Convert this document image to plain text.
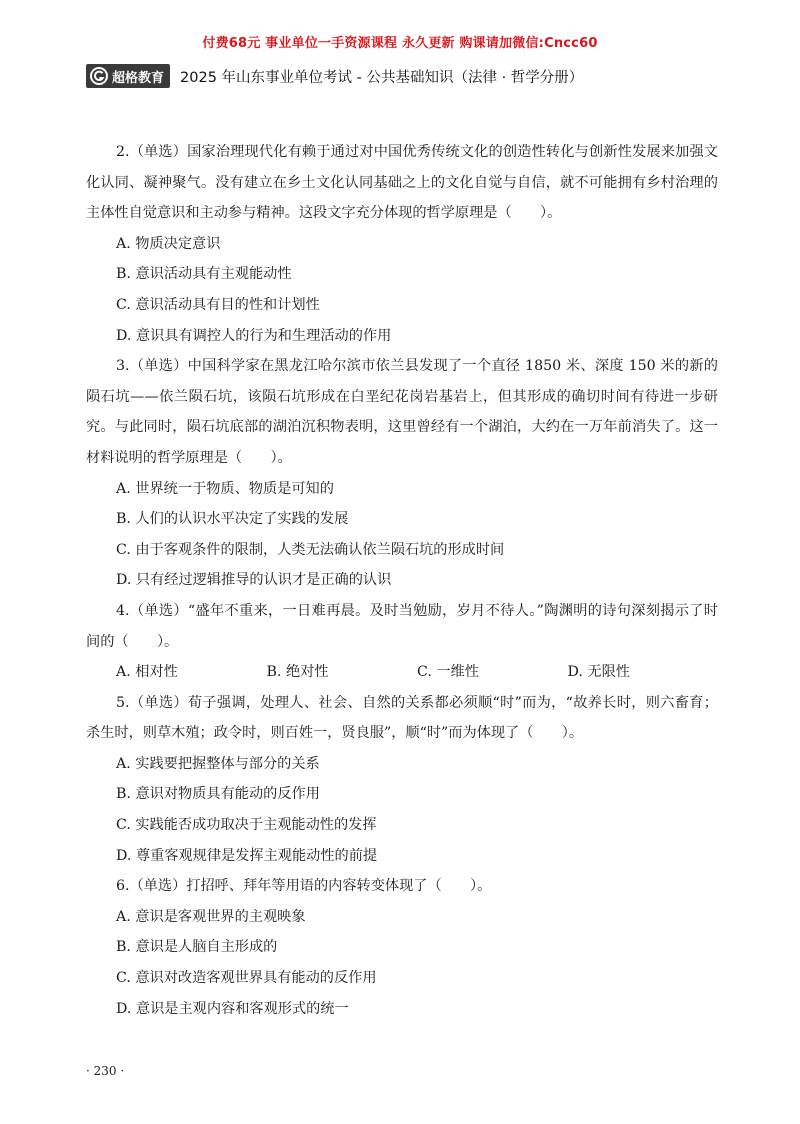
付费68元 事业单位一手资源课程 永久更新 购课请加微信:Cncc60
超格教育 2025 年山东事业单位考试 - 公共基础知识（法律 · 哲学分册）

2.（单选）国家治理现代化有赖于通过对中国优秀传统文化的创造性转化与创新性发展来加强文化认同、凝神聚气。没有建立在乡土文化认同基础之上的文化自觉与自信，就不可能拥有乡村治理的主体性自觉意识和主动参与精神。这段文字充分体现的哲学原理是（　　）。

A. 物质决定意识

B. 意识活动具有主观能动性

C. 意识活动具有目的性和计划性

D. 意识具有调控人的行为和生理活动的作用

3.（单选）中国科学家在黑龙江哈尔滨市依兰县发现了一个直径 1850 米、深度 150 米的新的陨石坑——依兰陨石坑，该陨石坑形成在白垩纪花岗岩基岩上，但其形成的确切时间有待进一步研究。与此同时，陨石坑底部的湖泊沉积物表明，这里曾经有一个湖泊，大约在一万年前消失了。这一材料说明的哲学原理是（　　）。

A. 世界统一于物质、物质是可知的

B. 人们的认识水平决定了实践的发展

C. 由于客观条件的限制，人类无法确认依兰陨石坑的形成时间

D. 只有经过逻辑推导的认识才是正确的认识

4.（单选）“盛年不重来，一日难再晨。及时当勉励，岁月不待人。”陶渊明的诗句深刻揭示了时间的（　　）。

A. 相对性	B. 绝对性	C. 一维性	D. 无限性

5.（单选）荀子强调，处理人、社会、自然的关系都必须顺“时”而为，“故养长时，则六畜育；杀生时，则草木殖；政令时，则百姓一，贤良服”，顺“时”而为体现了（　　）。

A. 实践要把握整体与部分的关系

B. 意识对物质具有能动的反作用

C. 实践能否成功取决于主观能动性的发挥

D. 尊重客观规律是发挥主观能动性的前提

6.（单选）打招呼、拜年等用语的内容转变体现了（　　）。

A. 意识是客观世界的主观映象

B. 意识是人脑自主形成的

C. 意识对改造客观世界具有能动的反作用

D. 意识是主观内容和客观形式的统一

· 230 ·
